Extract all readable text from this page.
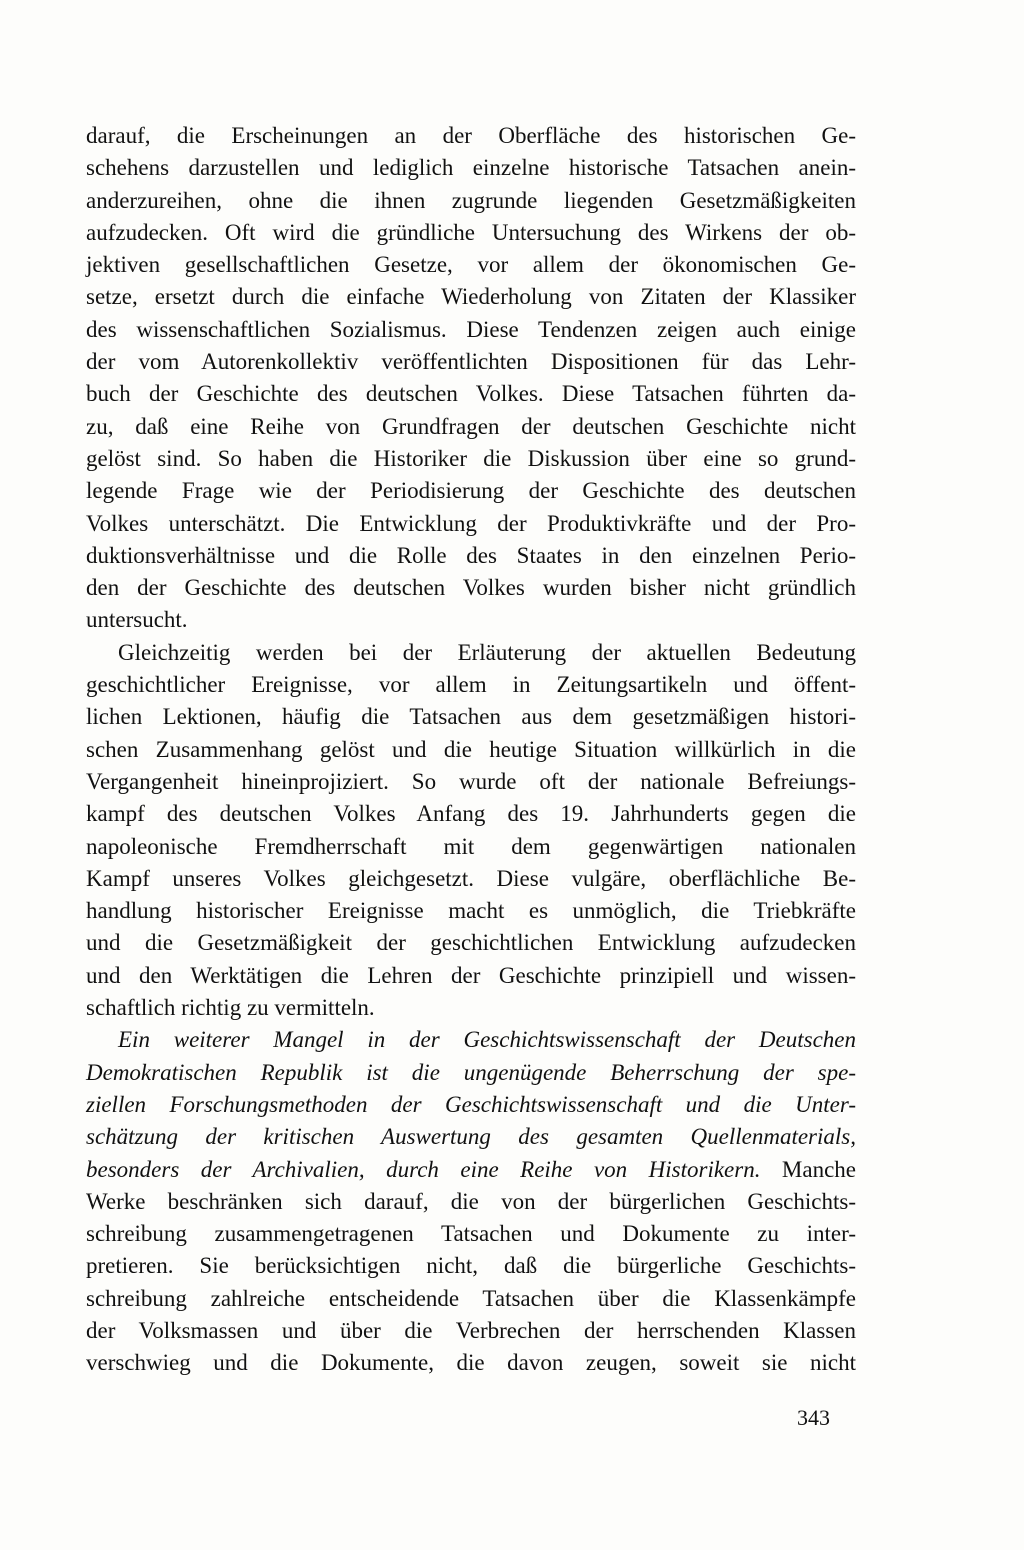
darauf, die Erscheinungen an der Oberfläche des historischen Ge-
schehens darzustellen und lediglich einzelne historische Tatsachen anein-
anderzureihen, ohne die ihnen zugrunde liegenden Gesetzmäßigkeiten
aufzudecken. Oft wird die gründliche Untersuchung des Wirkens der ob-
jektiven gesellschaftlichen Gesetze, vor allem der ökonomischen Ge-
setze, ersetzt durch die einfache Wiederholung von Zitaten der Klassiker
des wissenschaftlichen Sozialismus. Diese Tendenzen zeigen auch einige
der vom Autorenkollektiv veröffentlichten Dispositionen für das Lehr-
buch der Geschichte des deutschen Volkes. Diese Tatsachen führten da-
zu, daß eine Reihe von Grundfragen der deutschen Geschichte nicht
gelöst sind. So haben die Historiker die Diskussion über eine so grund-
legende Frage wie der Periodisierung der Geschichte des deutschen
Volkes unterschätzt. Die Entwicklung der Produktivkräfte und der Pro-
duktionsverhältnisse und die Rolle des Staates in den einzelnen Perio-
den der Geschichte des deutschen Volkes wurden bisher nicht gründlich
untersucht.
Gleichzeitig werden bei der Erläuterung der aktuellen Bedeutung
geschichtlicher Ereignisse, vor allem in Zeitungsartikeln und öffent-
lichen Lektionen, häufig die Tatsachen aus dem gesetzmäßigen histori-
schen Zusammenhang gelöst und die heutige Situation willkürlich in die
Vergangenheit hineinprojiziert. So wurde oft der nationale Befreiungs-
kampf des deutschen Volkes Anfang des 19. Jahrhunderts gegen die
napoleonische Fremdherrschaft mit dem gegenwärtigen nationalen
Kampf unseres Volkes gleichgesetzt. Diese vulgäre, oberflächliche Be-
handlung historischer Ereignisse macht es unmöglich, die Triebkräfte
und die Gesetzmäßigkeit der geschichtlichen Entwicklung aufzudecken
und den Werktätigen die Lehren der Geschichte prinzipiell und wissen-
schaftlich richtig zu vermitteln.
Ein weiterer Mangel in der Geschichtswissenschaft der Deutschen
Demokratischen Republik ist die ungenügende Beherrschung der spe-
ziellen Forschungsmethoden der Geschichtswissenschaft und die Unter-
schätzung der kritischen Auswertung des gesamten Quellenmaterials,
besonders der Archivalien, durch eine Reihe von Historikern. Manche
Werke beschränken sich darauf, die von der bürgerlichen Geschichts-
schreibung zusammengetragenen Tatsachen und Dokumente zu inter-
pretieren. Sie berücksichtigen nicht, daß die bürgerliche Geschichts-
schreibung zahlreiche entscheidende Tatsachen über die Klassenkämpfe
der Volksmassen und über die Verbrechen der herrschenden Klassen
verschwieg und die Dokumente, die davon zeugen, soweit sie nicht
343
